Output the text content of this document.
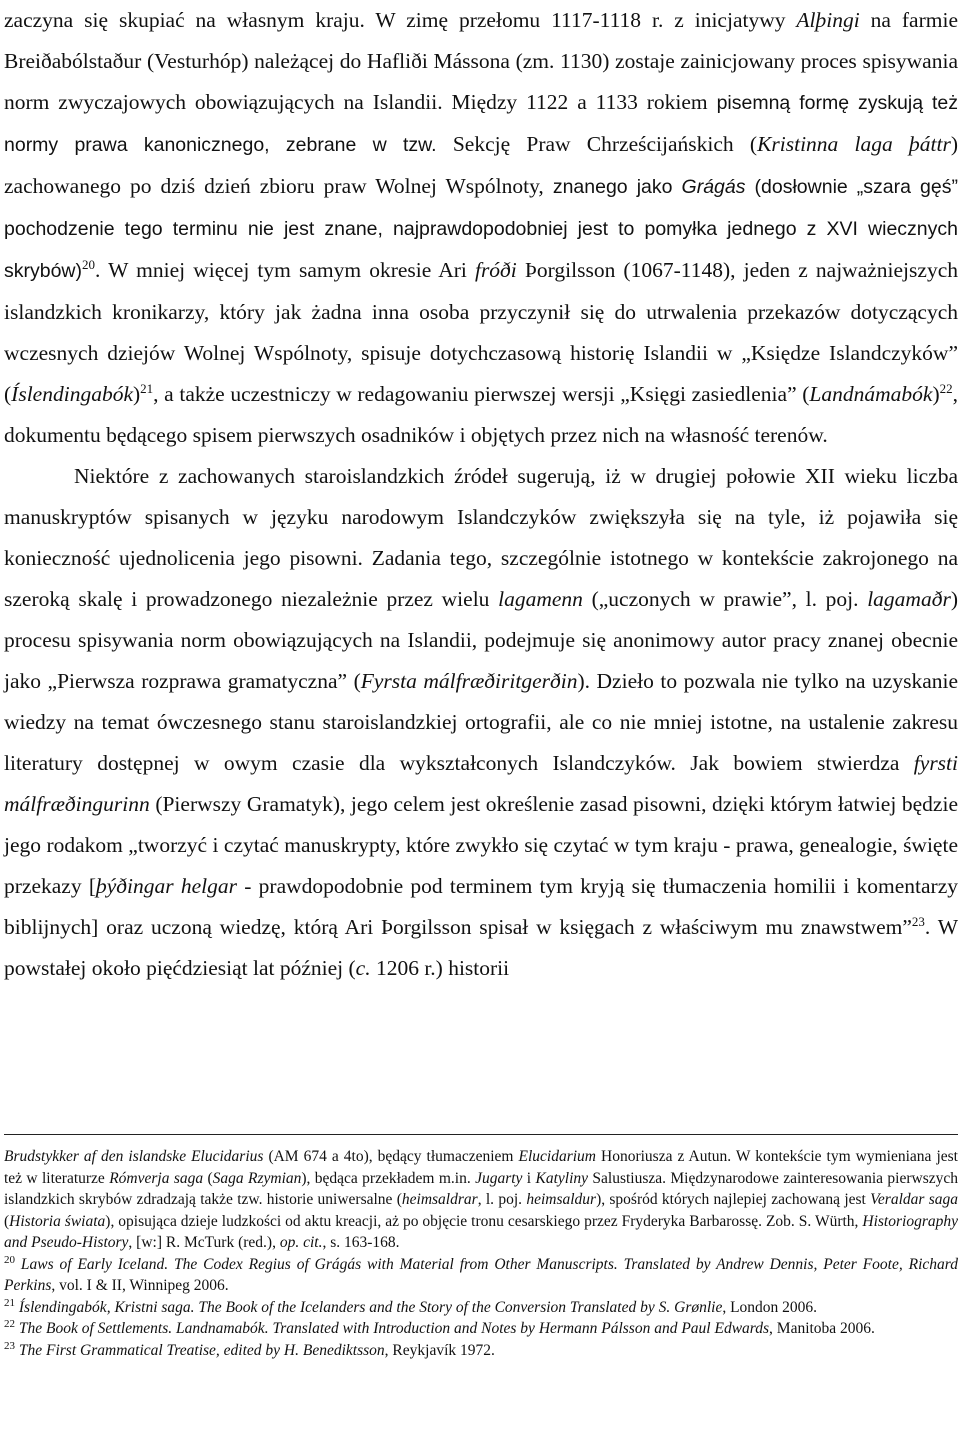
zaczyna się skupiać na własnym kraju. W zimę przełomu 1117-1118 r. z inicjatywy Alþingi na farmie Breiðabólstaður (Vesturhóp) należącej do Hafliði Mássona (zm. 1130) zostaje zainicjowany proces spisywania norm zwyczajowych obowiązujących na Islandii. Między 1122 a 1133 rokiem pisemną formę zyskują też normy prawa kanonicznego, zebrane w tzw. Sekcję Praw Chrześcijańskich (Kristinna laga þáttr) zachowanego po dziś dzień zbioru praw Wolnej Wspólnoty, znanego jako Grágás (dosłownie „szara gęś” pochodzenie tego terminu nie jest znane, najprawdopodobniej jest to pomyłka jednego z XVI wiecznych skrybów)$^{20}$. W mniej więcej tym samym okresie Ari fróði Þorgilsson (1067-1148), jeden z najważniejszych islandzkich kronikarzy, który jak żadna inna osoba przyczynił się do utrwalenia przekazów dotyczących wczesnych dziejów Wolnej Wspólnoty, spisuje dotychczasową historię Islandii w „Księdze Islandczyków” (Íslendingabók)$^{21}$, a także uczestniczy w redagowaniu pierwszej wersji „Księgi zasiedlenia” (Landnámabók)$^{22}$, dokumentu będącego spisem pierwszych osadników i objętych przez nich na własność terenów.

Niektóre z zachowanych staroislandzkich źródeł sugerują, iż w drugiej połowie XII wieku liczba manuskryptów spisanych w języku narodowym Islandczyków zwiększyła się na tyle, iż pojawiła się konieczność ujednolicenia jego pisowni. Zadania tego, szczególnie istotnego w kontekście zakrojonego na szeroką skalę i prowadzonego niezależnie przez wielu lagamenn („uczonych w prawie”, l. poj. lagamaðr) procesu spisywania norm obowiązujących na Islandii, podejmuje się anonimowy autor pracy znanej obecnie jako „Pierwsza rozprawa gramatyczna” (Fyrsta málfræðiritgerðin). Dzieło to pozwala nie tylko na uzyskanie wiedzy na temat ówczesnego stanu staroislandzkiej ortografii, ale co nie mniej istotne, na ustalenie zakresu literatury dostępnej w owym czasie dla wykształconych Islandczyków. Jak bowiem stwierdza fyrsti málfræðingurinn (Pierwszy Gramatyk), jego celem jest określenie zasad pisowni, dzięki którym łatwiej będzie jego rodakom „tworzyć i czytać manuskrypty, które zwykło się czytać w tym kraju - prawa, genealogie, święte przekazy [þýðingar helgar - prawdopodobnie pod terminem tym kryją się tłumaczenia homilii i komentarzy biblijnych] oraz uczoną wiedzę, którą Ari Þorgilsson spisał w księgach z właściwym mu znawstwem”$^{23}$. W powstałej około pięćdziesiąt lat później (c. 1206 r.) historii

Brudstykker af den islandske Elucidarius (AM 674 a 4to), będący tłumaczeniem Elucidarium Honoriusza z Autun. W kontekście tym wymieniana jest też w literaturze Rómverja saga (Saga Rzymian), będąca przekładem m.in. Jugarty i Katyliny Salustiusza. Międzynarodowe zainteresowania pierwszych islandzkich skrybów zdradzają także tzw. historie uniwersalne (heimsaldrar, l. poj. heimsaldur), spośród których najlepiej zachowaną jest Veraldar saga (Historia świata), opisująca dzieje ludzkości od aktu kreacji, aż po objęcie tronu cesarskiego przez Fryderyka Barbarossę. Zob. S. Würth, Historiography and Pseudo-History, [w:] R. McTurk (red.), op. cit., s. 163-168.

$^{20}$ Laws of Early Iceland. The Codex Regius of Grágás with Material from Other Manuscripts. Translated by Andrew Dennis, Peter Foote, Richard Perkins, vol. I & II, Winnipeg 2006.

$^{21}$ Íslendingabók, Kristni saga. The Book of the Icelanders and the Story of the Conversion Translated by S. Grønlie, London 2006.

$^{22}$ The Book of Settlements. Landnamabók. Translated with Introduction and Notes by Hermann Pálsson and Paul Edwards, Manitoba 2006.

$^{23}$ The First Grammatical Treatise, edited by H. Benediktsson, Reykjavík 1972.
